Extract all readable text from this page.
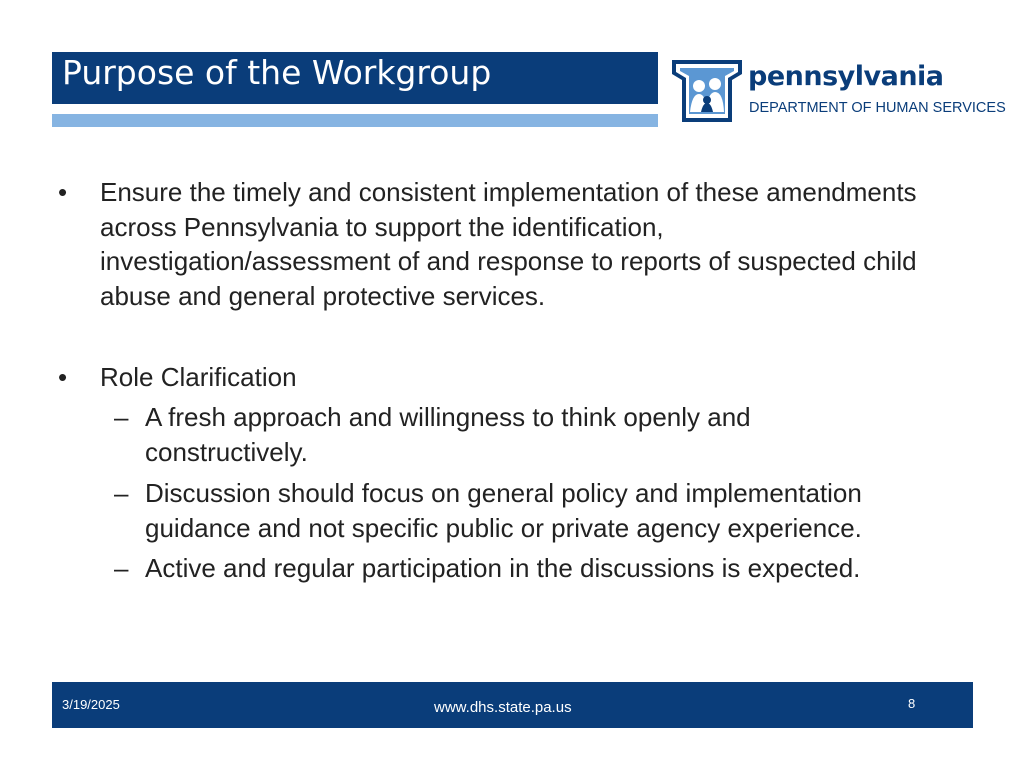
Purpose of the Workgroup	pennsylvania
DEPARTMENT OF HUMAN SERVICES
• Ensure the timely and consistent implementation of these amendments across Pennsylvania to support the identification, investigation/assessment of and response to reports of suspected child abuse and general protective services.
• Role Clarification
– A fresh approach and willingness to think openly and constructively.
– Discussion should focus on general policy and implementation guidance and not specific public or private agency experience.
– Active and regular participation in the discussions is expected.
3/19/2025	www.dhs.state.pa.us	8
